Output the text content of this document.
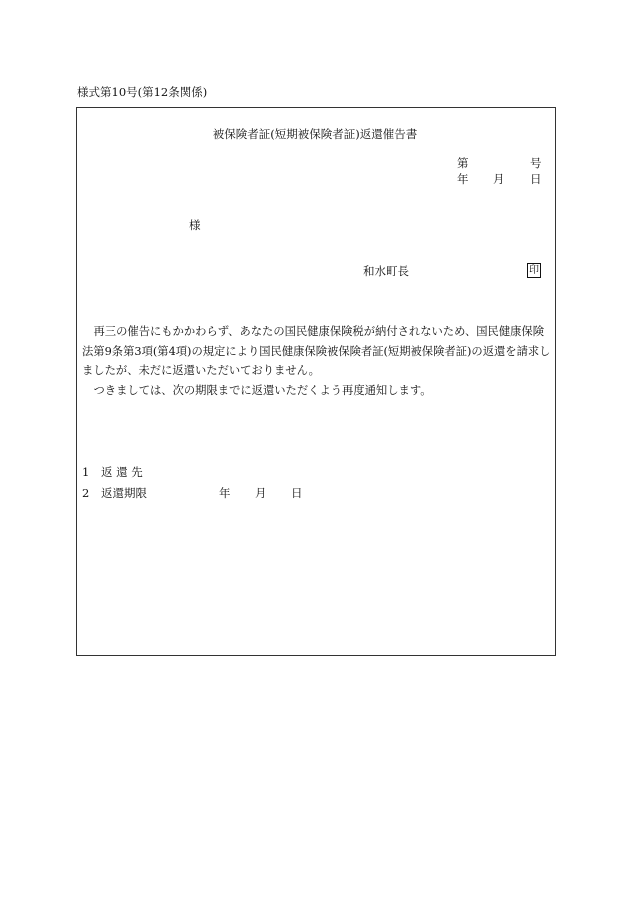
様式第10号(第12条関係)
被保険者証(短期被保険者証)返還催告書
第	号
年 月 日
様
和水町長	印

再三の催告にもかかわらず、あなたの国民健康保険税が納付されないため、国民健康保険法第9条第3項(第4項)の規定により国民健康保険被保険者証(短期被保険者証)の返還を請求しましたが、未だに返還いただいておりません。

つきましては、次の期限までに返還いただくよう再度通知します。

1 返 還 先
2 返還期限	年 月 日
